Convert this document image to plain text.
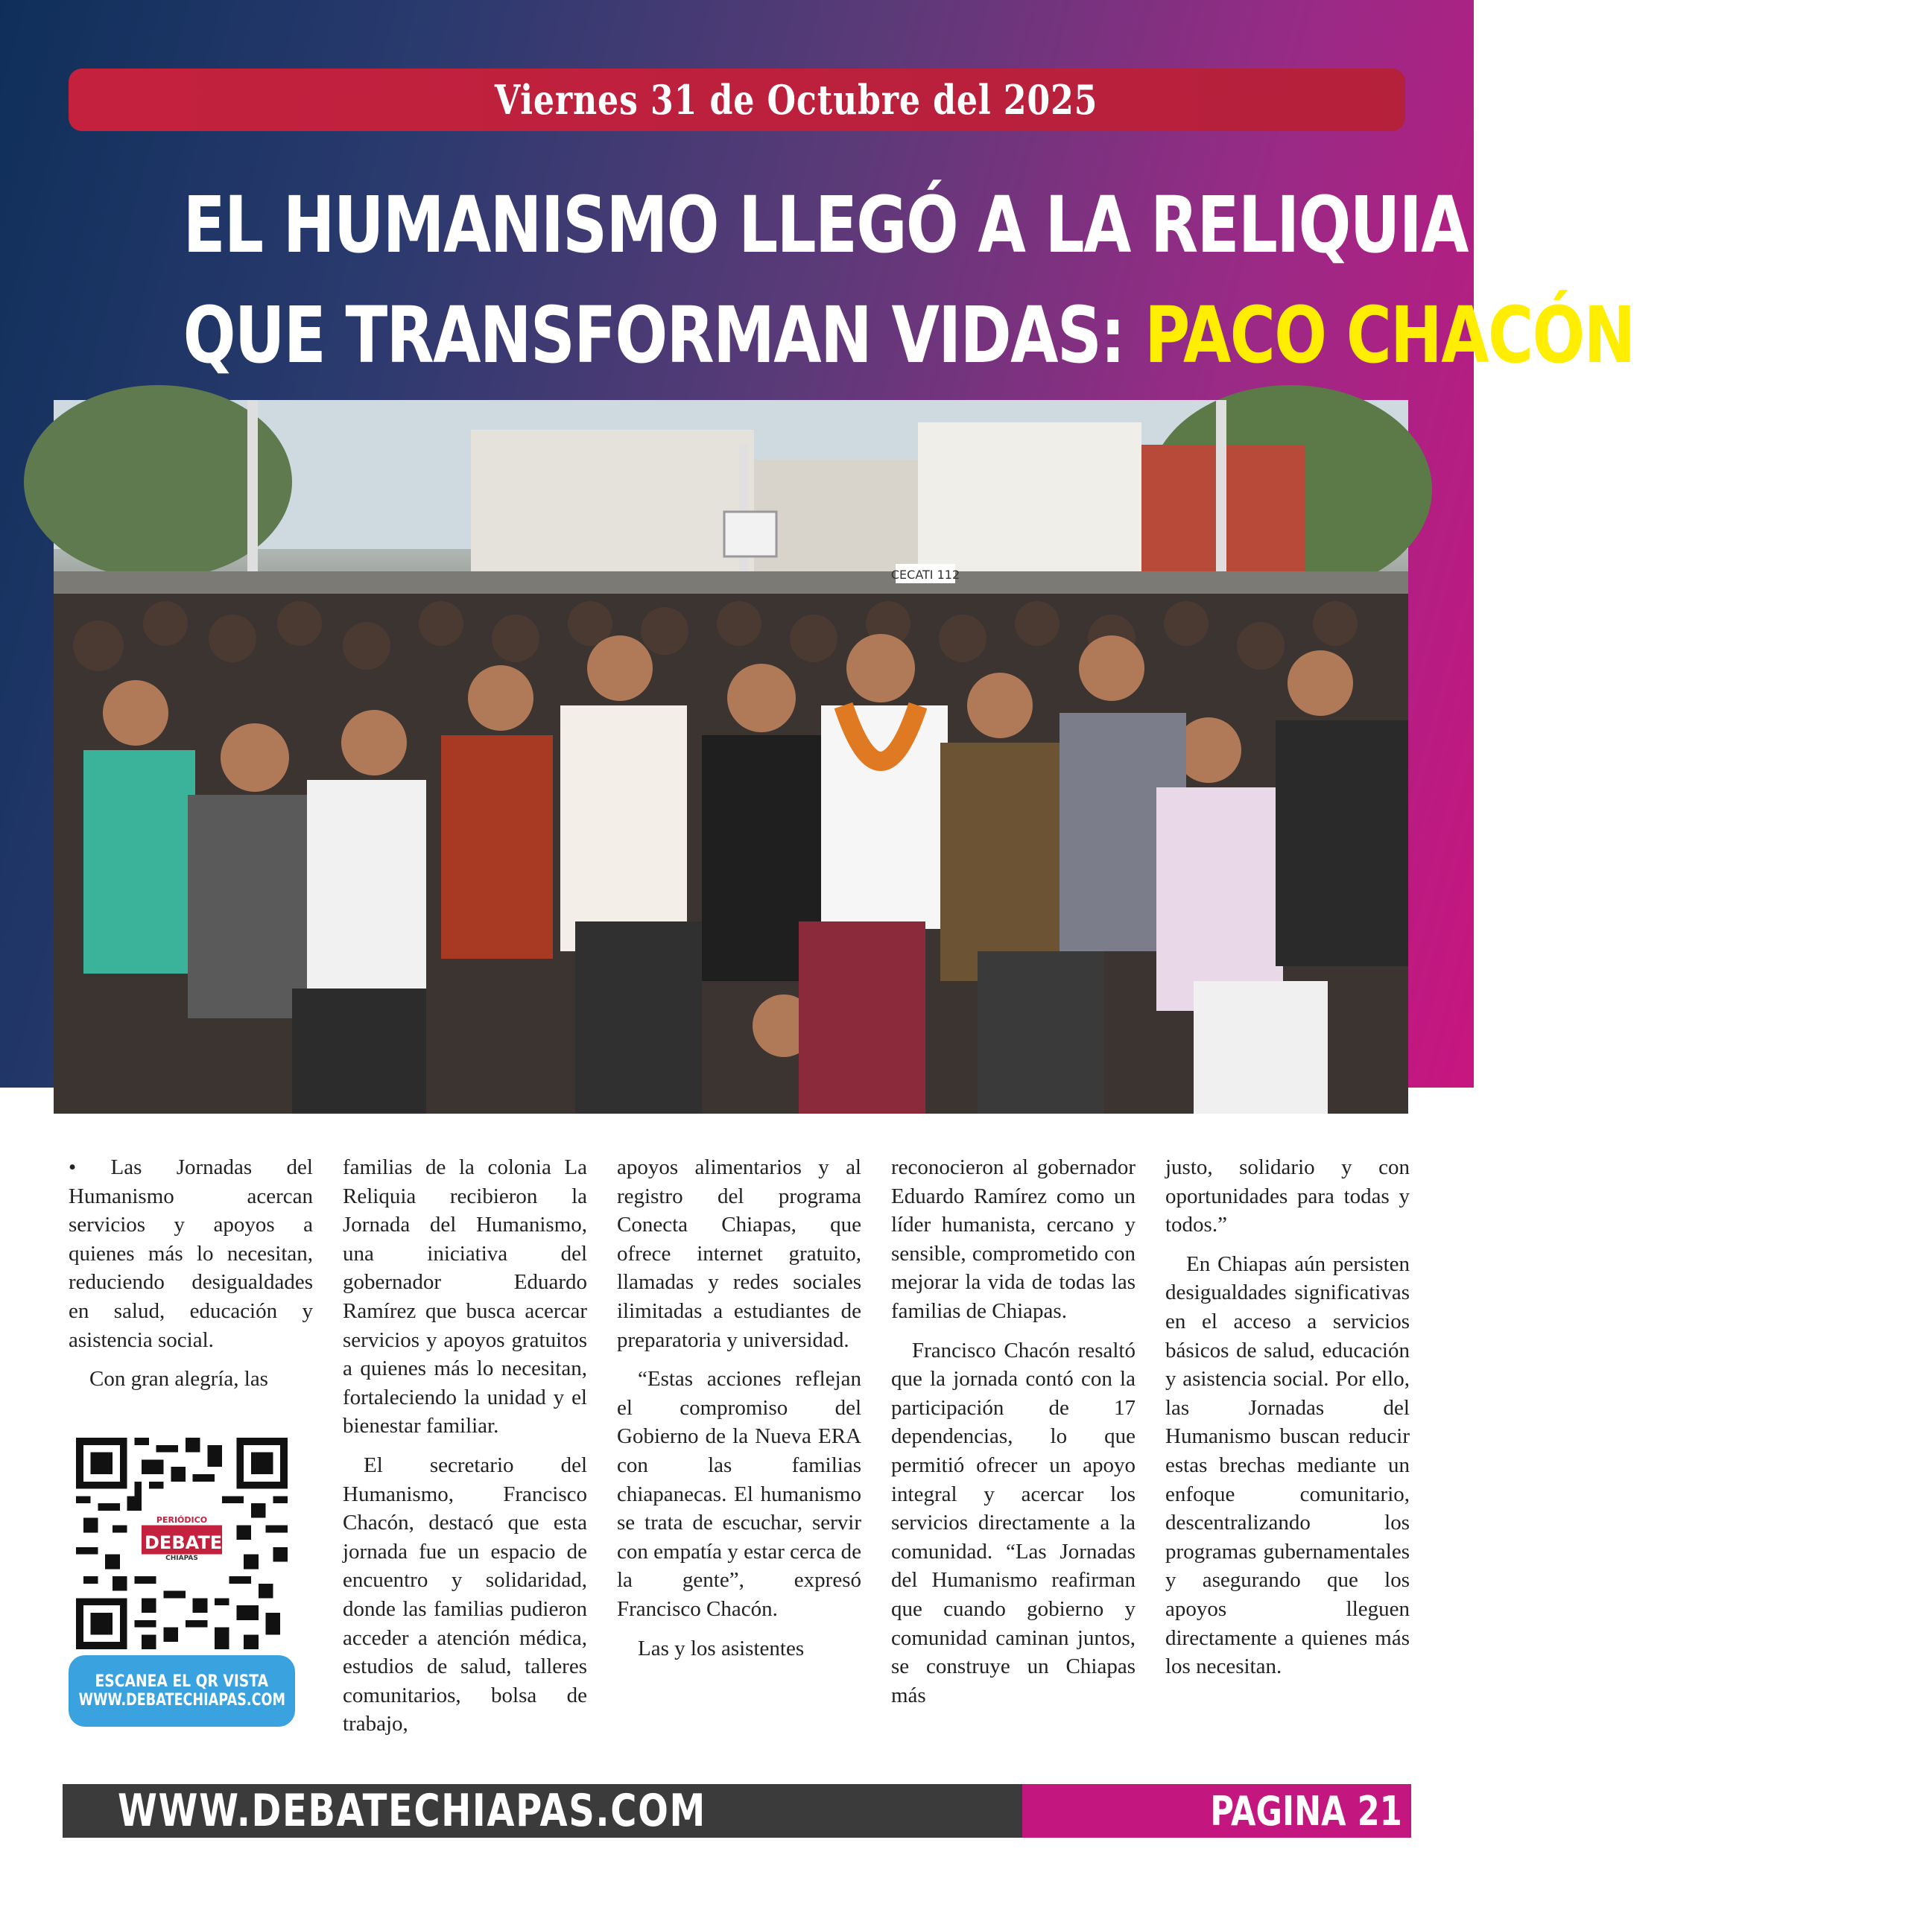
Viernes 31 de Octubre del 2025
EL HUMANISMO LLEGÓ A LA RELIQUIA CON APOYOS
QUE TRANSFORMAN VIDAS: PACO CHACÓN
CECATI 112

• Las Jornadas del Humanismo acercan servicios y apoyos a quienes más lo necesitan, reduciendo desigualdades en salud, educación y asistencia social.

Con gran alegría, las

familias de la colonia La Reliquia recibieron la Jornada del Humanismo, una iniciativa del gobernador Eduardo Ramírez que busca acercar servicios y apoyos gratuitos a quienes más lo necesitan, fortaleciendo la unidad y el bienestar familiar.

El secretario del Humanismo, Francisco Chacón, destacó que esta jornada fue un espacio de encuentro y solidaridad, donde las familias pudieron acceder a atención médica, estudios de salud, talleres comunitarios, bolsa de trabajo,

apoyos alimentarios y al registro del programa Conecta Chiapas, que ofrece internet gratuito, llamadas y redes sociales ilimitadas a estudiantes de preparatoria y universidad.

“Estas acciones reflejan el compromiso del Gobierno de la Nueva ERA con las familias chiapanecas. El humanismo se trata de escuchar, servir con empatía y estar cerca de la gente”, expresó Francisco Chacón.

Las y los asistentes

reconocieron al gobernador Eduardo Ramírez como un líder humanista, cercano y sensible, comprometido con mejorar la vida de todas las familias de Chiapas.

Francisco Chacón resaltó que la jornada contó con la participación de 17 dependencias, lo que permitió ofrecer un apoyo integral y acercar los servicios directamente a la comunidad. “Las Jornadas del Humanismo reafirman que cuando gobierno y comunidad caminan juntos, se construye un Chiapas más

justo, solidario y con oportunidades para todas y todos.”

En Chiapas aún persisten desigualdades significativas en el acceso a servicios básicos de salud, educación y asistencia social. Por ello, las Jornadas del Humanismo buscan reducir estas brechas mediante un enfoque comunitario, descentralizando los programas gubernamentales y asegurando que los apoyos lleguen directamente a quienes más los necesitan.

PERIÓDICO
DEBATE
CHIAPAS
ESCANEA EL QR VISTA
WWW.DEBATECHIAPAS.COM
WWW.DEBATECHIAPAS.COM	PAGINA 21
